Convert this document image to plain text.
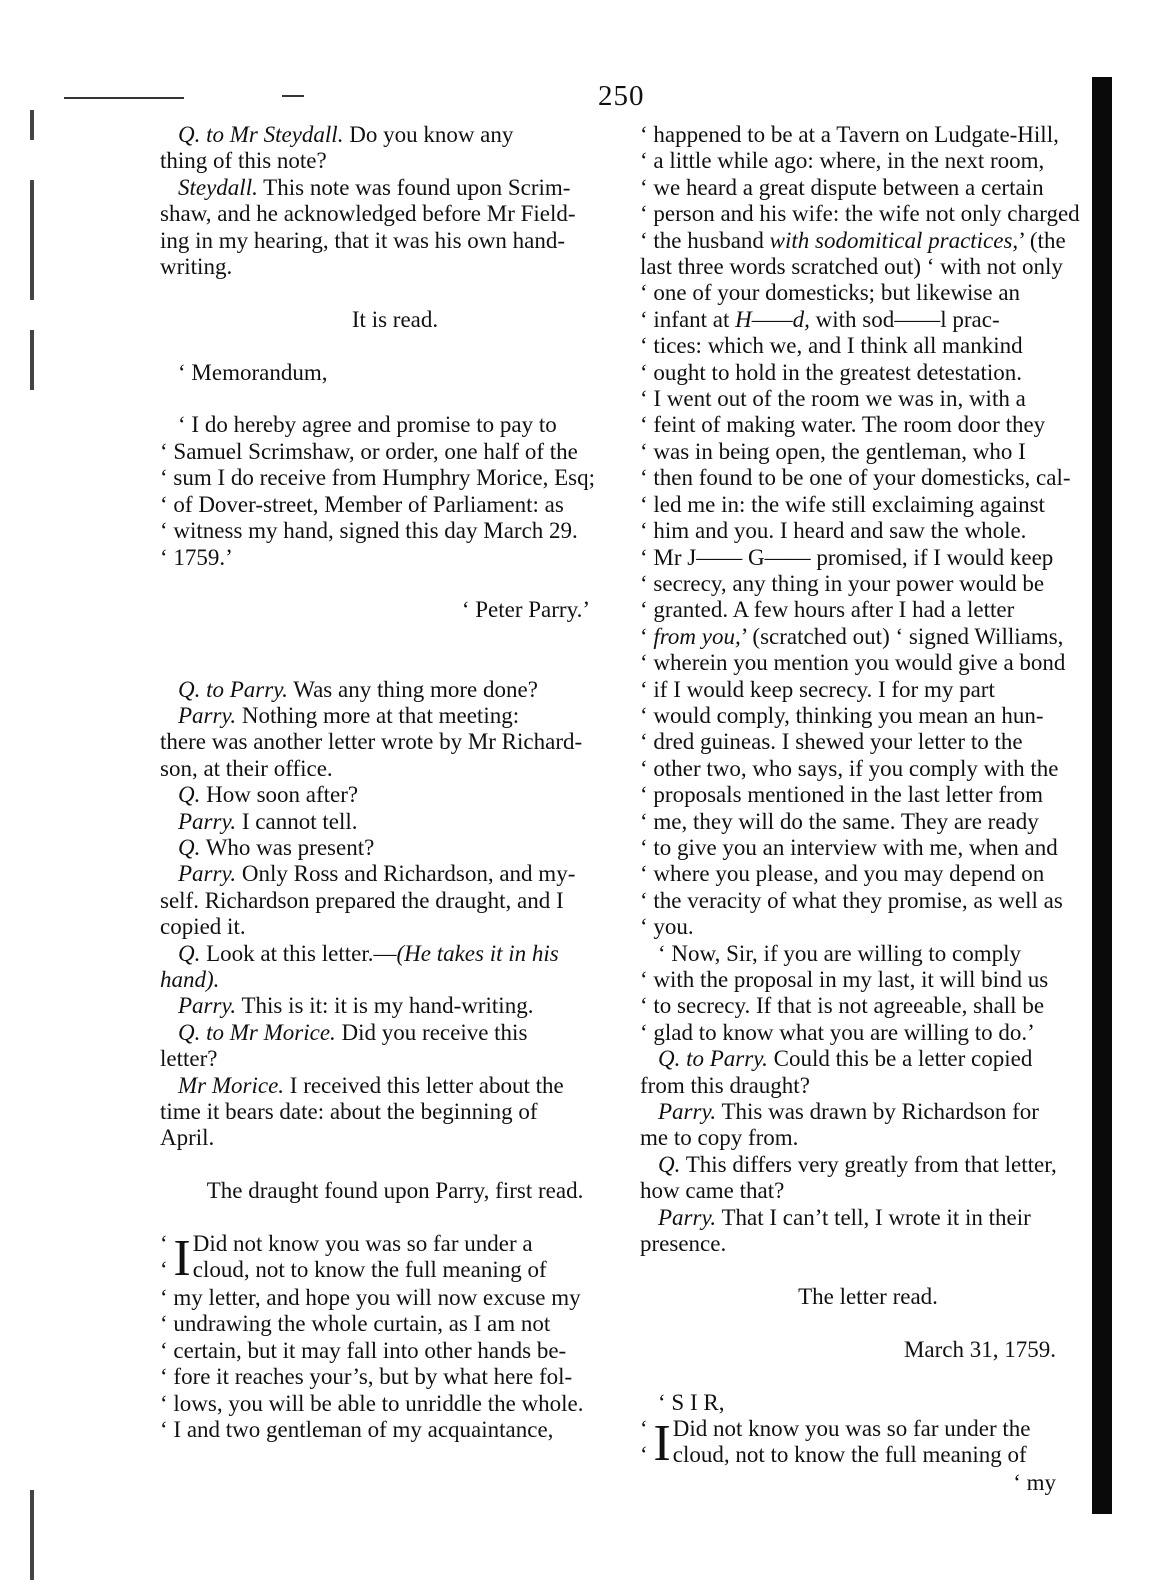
250
Q. to Mr Steydall. Do you know any
thing of this note?
Steydall. This note was found upon Scrim-
shaw, and he acknowledged before Mr Field-
ing in my hearing, that it was his own hand-
writing.

It is read.

‘ Memorandum,

‘ I do hereby agree and promise to pay to
‘ Samuel Scrimshaw, or order, one half of the
‘ sum I do receive from Humphry Morice, Esq;
‘ of Dover-street, Member of Parliament: as
‘ witness my hand, signed this day March 29.
‘ 1759.’

‘ Peter Parry.’

Q. to Parry. Was any thing more done?
Parry. Nothing more at that meeting:
there was another letter wrote by Mr Richard-
son, at their office.
Q. How soon after?
Parry. I cannot tell.
Q. Who was present?
Parry. Only Ross and Richardson, and my-
self. Richardson prepared the draught, and I
copied it.
Q. Look at this letter.—(He takes it in his
hand).
Parry. This is it: it is my hand-writing.
Q. to Mr Morice. Did you receive this
letter?
Mr Morice. I received this letter about the
time it bears date: about the beginning of
April.

The draught found upon Parry, first read.

‘
‘ I Did not know you was so far under a
cloud, not to know the full meaning of
‘ my letter, and hope you will now excuse my
‘ undrawing the whole curtain, as I am not
‘ certain, but it may fall into other hands be-
‘ fore it reaches your’s, but by what here fol-
‘ lows, you will be able to unriddle the whole.
‘ I and two gentleman of my acquaintance,
‘ happened to be at a Tavern on Ludgate-Hill,
‘ a little while ago: where, in the next room,
‘ we heard a great dispute between a certain
‘ person and his wife: the wife not only charged
‘ the husband with sodomitical practices,’ (the
last three words scratched out) ‘ with not only
‘ one of your domesticks; but likewise an
‘ infant at H——d, with sod——l prac-
‘ tices: which we, and I think all mankind
‘ ought to hold in the greatest detestation.
‘ I went out of the room we was in, with a
‘ feint of making water. The room door they
‘ was in being open, the gentleman, who I
‘ then found to be one of your domesticks, cal-
‘ led me in: the wife still exclaiming against
‘ him and you. I heard and saw the whole.
‘ Mr J—— G—— promised, if I would keep
‘ secrecy, any thing in your power would be
‘ granted. A few hours after I had a letter
‘ from you,’ (scratched out) ‘ signed Williams,
‘ wherein you mention you would give a bond
‘ if I would keep secrecy. I for my part
‘ would comply, thinking you mean an hun-
‘ dred guineas. I shewed your letter to the
‘ other two, who says, if you comply with the
‘ proposals mentioned in the last letter from
‘ me, they will do the same. They are ready
‘ to give you an interview with me, when and
‘ where you please, and you may depend on
‘ the veracity of what they promise, as well as
‘ you.
‘ Now, Sir, if you are willing to comply
‘ with the proposal in my last, it will bind us
‘ to secrecy. If that is not agreeable, shall be
‘ glad to know what you are willing to do.’
Q. to Parry. Could this be a letter copied
from this draught?
Parry. This was drawn by Richardson for
me to copy from.
Q. This differs very greatly from that letter,
how came that?
Parry. That I can’t tell, I wrote it in their
presence.

The letter read.

March 31, 1759.

‘ S I R,
‘
‘ I Did not know you was so far under the
cloud, not to know the full meaning of
‘ my
